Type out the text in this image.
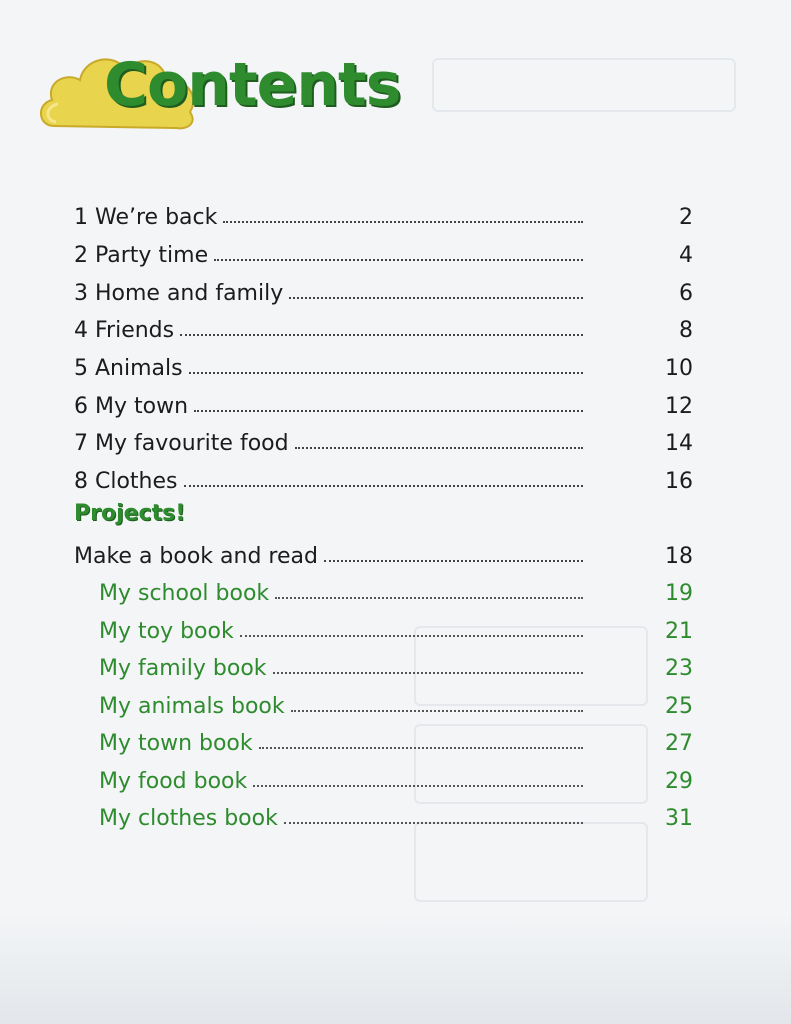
Contents
1 We’re back	2
2 Party time	4
3 Home and family	6
4 Friends	8
5 Animals	10
6 My town	12
7 My favourite food	14
8 Clothes	16
Projects!
Make a book and read	18
My school book	19
My toy book	21
My family book	23
My animals book	25
My town book	27
My food book	29
My clothes book	31
